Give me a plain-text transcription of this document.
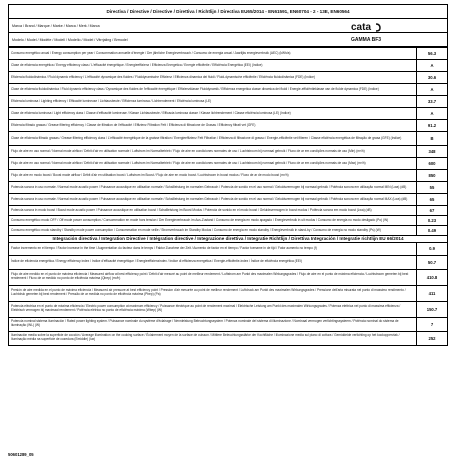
Directiva / Directive / Directive / Direttiva / Richtlijn / Directiva EU65/2014 - EN61591, EN60704 - 2 - 13E, EN60564
Marca / Brand / Marque / Marke / Marca / Merk / Marca	cata
Modelo / Model / Modèle / Modell / Modello / Model / Vitrrjaling / Brmodel	GAMMA BF3
Consumo energético anual / Energy consumption per year / Consommation annuelle d'énergie / Der jährliche Energieverbrauch / Consumo de energia anual / Jaarlijks energieverbruik (AEC) (kWh/a)	56.3
Clase de eficiencia energética / Energy efficiency class / L'efficacité énergétique / Energieeffizienz / Efficienza Energetica / Energie efficiëntie / Efficiência Energética (EEI) (Indice)	A
Eficiencia fluidodinámica / Fluid dynamic efficiency / L'efficacité dynamique des fluides / Fluiddynamische Effizienz / Efficienza dinamica dei fluidi / Fluid-dynamische efficiëntie / Eficiência fluidodinâmica (FDE) (Indice)	30.6
Clase de eficiencia fluidodinámica / Fluid dynamic efficiency class / Dynamique des fluides de l'efficacité énergétique / Effizienzklasse Fluiddynamik / Efficienza energetica classe dinamica dei fluidi / Energie-efficiëntieklasse van de fluïde dynamica (FDE) (Indice)	A
Eficiencia luminosa / Lighting efficiency / Efficacité lumineuse / Lichtausbeute / Efficienza luminosa / Lichtrendement / Eficiência luminosa (LE)	33.7
Clase de eficiencia luminosa / Light efficiency class / Classe d'efficacité lumineuse / Klasse Lichtausbeute / Efficacia luminosa classe / Klasse lichtrendement / Classe eficiência luminosa (LE) (Indice)	A
Eficiencia filtrado grasas / Grease filtering efficiency / Classe de filtration de l'efficacité / Effizienz Filtration Fett / Efficienza di filtrazione de Grasas / Efficiency filtrati vet (GFE)	91.2
Clase de eficiencia filtrado grasas / Grease filtering efficiency class / L'efficacité énergétique de la graisse filtration / Energieeffizienz Fett Filtration / Efficienza di filtrazione di grasso / Energie-efficiëntie vet filteren / Classe eficiência energética de filtração de grasa (GFE) (Indice)	B
Flujo de aire en uso normal / Normal mode airflow / Débit d'air en utilisation normale / Luftstrom im Normalbetrieb / Flujo de aire en condiciones normales de uso / Luchtstroom bij normaal gebruik / Fluxo de ar em condições normais de uso (Min) (m³/h)	348
Flujo de aire en uso normal / Normal mode airflow / Débit d'air en utilisation normale / Luftstrom im Normalbetrieb / Flujo de aire en condiciones normales de uso / Luchtstroom bij normaal gebruik / Fluxo de ar em condições normais de uso (Max) (m³/h)	600
Flujo de aire en modo boost / Boost mode airflow / Débit d'air en utilisation boost / Luftstrom im Boost / Flujo de aire en modo boost / Luchtstroom in boost modus / Fluxo de ar de modo boost (m³/h)	850
Potencia sonora in uso normale / Normal mode acustic power / Puissance acoustique en utilisation normale / Schallleistung im normalen Gebrauch / Potencia de sonido en el uso normal / Geluidsvermogen bij normaal gebruik / Potência sonora em utilização normal MIN (Lwa) (dB)	55
Potencia sonora in uso normale / Normal mode acustic power / Puissance acoustique en utilisation normale / Schallleistung im normalen Gebrauch / Potencia de sonido en el uso normal / Geluidsvermogen bij normaal gebruik / Potência sonora em utilização normal MAX (Lwa) (dB)	65
Potencia sonora in modo boost / Boost mode acustic power / Puissance acoustique en utilisation boost / Schallleistung im Boost Modus / Potencia de sonido en el modo boost / Geluidsvermogen in boost modus / Potência sonora em modo boost (Lwa) (dB)	67
Consumo energético modo OFF / Off mode power consumption / Consommation en mode hors tension / Der Energieverbrauch im Aus-Zustand / Consumo de energia en modo apagado / Energieverbruik in uit modus / Consumo de energia no modo desligado (Po) (W)	0.23
Consumo energético modo standby / Standby mode power consumption / Consommation en mode veille / Stromverbrauch im Standby Modus / Consumo de energía en modo standby / Energieverbruik in stand-by / Consumo de energia no modo standby (Ps) (W)	0.49
Integración directiva / Integration Directive / Intégration directive / Integrazione direttiva / Integratie Richtlijn / Direttiva Integración / Integratie richtlijn EU 66/2014	
Factor incremento en el tiempo / Factor increase in the time / Augmentation du facteur dans le temps / Faktor Zunahme der Zeit / Aumento de factor en el tiempo / Factor toename in de tijd / Fator aumento no tempo (f)	0.9
Índice de eficiencia energética / Energy efficiency index / Indice d'efficacité énergétique / Energieeffizienzindex / Indice di efficienza energetica / Energie-efficiëntie-index / Índice de eficiência energética (EEI)	50.7
Flujo de aire medido en el punto de máxima eficiencia / Measured airflow at best efficiency point / Débit d'air mesuré au point de meilleur rendement / Luftstrom am Punkt des maximalen Wirkungsgrades / Flujo de aire en el punto de máxima eficiencia / Luchtstroom gemeten bij best rendement / Fluxo de ar medido no ponto de eficiência máxima (Qbep) (m³/h)	410.8
Presión de aire medida en el punto de máxima eficiencia / Measured air pressure at best efficiency point / Pression d'air mesurée au point de meilleur rendement / Luftdruck am Punkt des maximalen Wirkungsgrades / Pressione dell'aria misurata nel punto di massimo rendimento / Luchtdruk gemeten bij best rendement / Pressão de ar medida no ponto de eficiência máxima (Pbep) (Pa)	411
Potencia eléctrica en el punto de máxima eficiencia / Electric power consumption at maximum efficiency / Puissance électrique au point de rendement maximal / Elektrische Leistung am Punkt des maximalen Wirkungsgrades / Potenza elettrica nel punto di massima efficienza / Elektrisch vermogen bij maximaal rendement / Potência elétrica no ponto de eficiência máxima (Wbep) (W)	150.7
Potencia nominal sistema iluminación / Rated power lighting system / Puissance nominale du système d'éclairage / Nennleistung Beleuchtungssystem / Potenza nominale del sistema di illuminazione / Nominaal vermogen verlichtingssysteem / Potência nominal do sistema de iluminação (WL) (W)	7
Iluminación media sobre la superficie de cocción / Average illumination on the cooking surface / Éclairement moyen de la surface de cuisson / Mittlere Beleuchtungsstärke der Kochfläche / Illuminazione media sul piano di cottura / Gemiddelde verlichting op het kookoppervlak / Iluminação média na superfície de cozedura (Emiddle) (lux)	252
50601289_05
